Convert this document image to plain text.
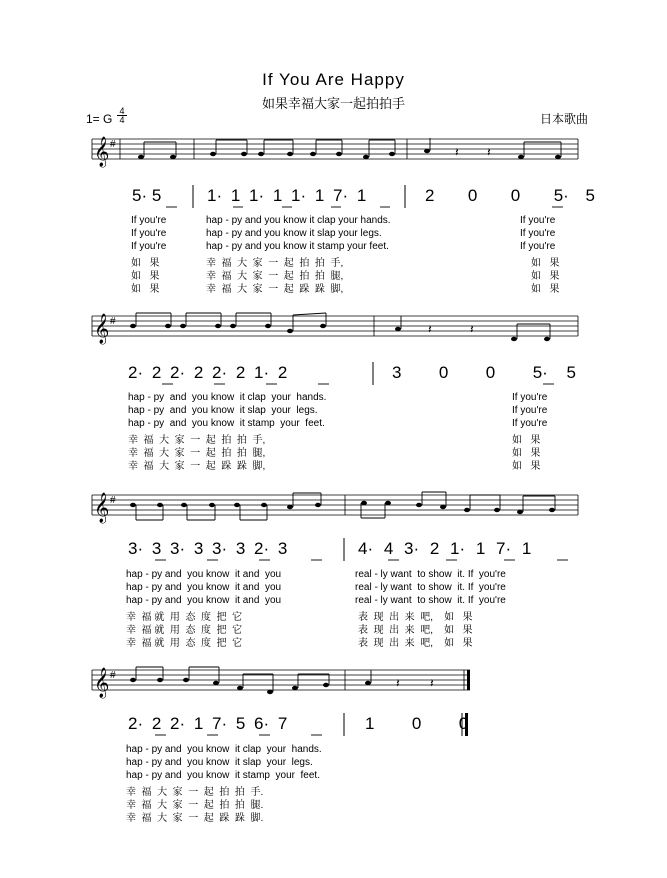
If You Are Happy
如果幸福大家一起拍拍手
1= G $\frac{4}{4}$	日本歌曲
𝄞 #
𝄽 𝄽
5· 5	1· 1 1· 1 1· 1 7· 1	2  0  0  5· 5
If you're	hap - py and you know it clap your hands.	If you're
If you're	hap - py and you know it slap your legs.	If you're
If you're	hap - py and you know it stamp your feet.	If you're
如   果	幸  福  大  家  一  起  拍  拍  手,	如   果
如   果	幸  福  大  家  一  起  拍  拍  腿,	如   果
如   果	幸  福  大  家  一  起  跺  跺  脚,	如   果
𝄞 #
𝄽	𝄽
2· 2 2· 2 2· 2 1· 2	3  0  0  5· 5
hap - py  and  you know  it clap  your  hands.	If you're
hap - py  and  you know  it slap  your  legs.	If you're
hap - py  and  you know  it stamp  your  feet.	If you're
幸  福  大  家  一  起  拍  拍  手,	如   果
幸  福  大  家  一  起  拍  拍  腿,	如   果
幸  福  大  家  一  起  跺  跺  脚,	如   果
𝄞 #
3· 3 3· 3 3· 3 2· 3	4· 4 3· 2 1· 1 7· 1
hap - py and  you know  it and  you	real - ly want  to show  it. If  you're
hap - py and  you know  it and  you	real - ly want  to show  it. If  you're
hap - py and  you know  it and  you	real - ly want  to show  it. If  you're
幸  福 就  用  态  度  把  它	表  现  出  来  吧,    如   果
幸  福 就  用  态  度  把  它	表  现  出  来  吧,    如   果
幸  福 就  用  态  度  把  它	表  现  出  来  吧,    如   果
𝄞 #
𝄽	𝄽
2· 2 2· 1 7· 5 6· 7	1  0  0
hap - py and  you know  it clap  your  hands.
hap - py and  you know  it slap  your  legs.
hap - py and  you know  it stamp  your  feet.
幸  福  大  家  一  起  拍  拍  手.
幸  福  大  家  一  起  拍  拍  腿.
幸  福  大  家  一  起  跺  跺  脚.
